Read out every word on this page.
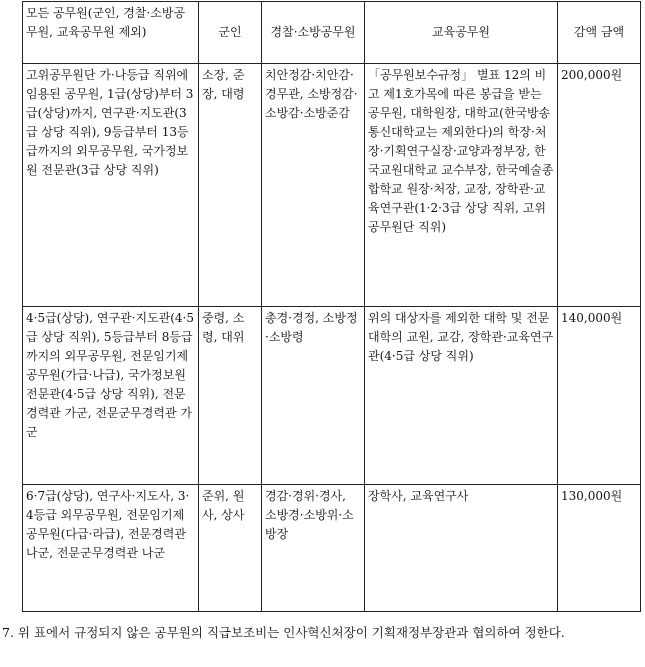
모든 공무원(군인, 경찰·소방공무원, 교육공무원 제외)	군인	경찰·소방공무원	교육공무원	감액 금액
고위공무원단 가·나등급 직위에 임용된 공무원, 1급(상당)부터 3급(상당)까지, 연구관·지도관(3급 상당 직위), 9등급부터 13등급까지의 외무공무원, 국가정보원 전문관(3급 상당 직위)	소장, 준장, 대령	치안정감·치안감·경무관, 소방정감·소방감·소방준감	「공무원보수규정」 별표 12의 비고 제1호가목에 따른 봉급을 받는 공무원, 대학원장, 대학교(한국방송통신대학교는 제외한다)의 학장·처장·기획연구실장·교양과정부장, 한국교원대학교 교수부장, 한국예술종합학교 원장·처장, 교장, 장학관·교육연구관(1·2·3급 상당 직위, 고위공무원단 직위)	200,000원
4·5급(상당), 연구관·지도관(4·5급 상당 직위), 5등급부터 8등급까지의 외무공무원, 전문임기제공무원(가급·나급), 국가정보원 전문관(4·5급 상당 직위), 전문경력관 가군, 전문군무경력관 가군	중령, 소령, 대위	총경·경정, 소방정·소방령	위의 대상자를 제외한 대학 및 전문대학의 교원, 교감, 장학관·교육연구관(4·5급 상당 직위)	140,000원
6·7급(상당), 연구사·지도사, 3·4등급 외무공무원, 전문임기제공무원(다급·라급), 전문경력관 나군, 전문군무경력관 나군	준위, 원사, 상사	경감·경위·경사, 소방경·소방위·소방장	장학사, 교육연구사	130,000원
7. 위 표에서 규정되지 않은 공무원의 직급보조비는 인사혁신처장이 기획재정부장관과 협의하여 정한다.
